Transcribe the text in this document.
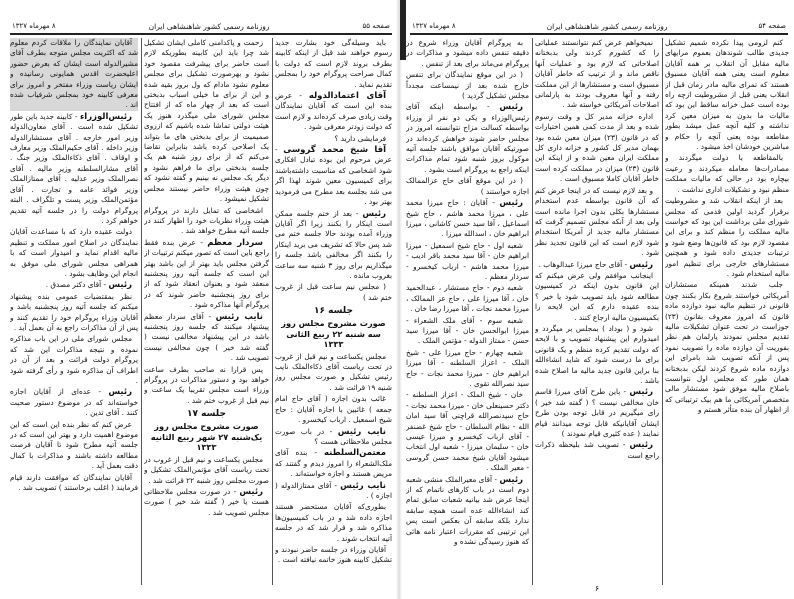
صفحه ۵۵
روزنامه رسمی کشور شاهنشاهی ایران
۸ مهرماه ۱۳۲۷

آقایان نمایندگان را ملاقات کردم معلوم شد که اکثریت مجلس متوجه بطرف آقای مشیرالدوله است ایشان که بعرض حضور اعلیحضرت اقدس همایونی رسانیده و ایشان ریاست وزراء مفتخر و امروز برای معرفی کابینه خود بمجلس شرفیاب شده اند .

رئیس‌الوزراء - کابینه جدید باین طور تشکیل شده است . آقای معاون‌الدوله وزیر امور خارجه . آقای مستشارالدوله وزیر داخله . آقای حکیم‌الملک وزیر معارف و اوقاف . آقای ذکاءالملک وزیر جنگ . آقای مشارالسلطنه وزیر مالیه . آقای نصرالملک وزیر عدلیه . آقای ممتازالملک وزیر فوائد عامه و تجارت . آقای مؤتمن‌الملک وزیر پست و تلگراف . البته پروگرام دولت را در جلسه آتیه تقدیم خواهم کرد .

دولت عقیده دارد که با مساعدت آقایان نمایندگان در اصلاح امور مملکت و تنظیم مالیه اقدام نماید و امیدوار است که با همراهی مجلس شورای ملی موفق به انجام این وظایف بشود .

رئیس - آقای دکتر مصدق .

نظر بمقتضیات عمومی بنده پیشنهاد میکنم که جلسه آتیه روز پنجشنبه باشد و آقایان وزراء پروگرام خود را تقدیم کنند و پس از آن مذاکرات راجع به آن بعمل آید .

مجلس شورای ملی در این باب مذاکره نموده و نتیجه مذاکرات این شد که پروگرام دولت قرائت و بعد از آن در اطراف آن مذاکره شود و رأی گرفته شود .

رئیس - عده‌ای از آقایان اجازه خواسته‌اند که در موضوع دستور صحبت کنند . آقای تدین .

عرض کنم که نظر بنده این است که این موضوع اهمیت دارد و بهتر این است که در جلسه آتیه مطرح شود تا آقایان فرصت مطالعه داشته باشند و مذاکرات با کمال دقت بعمل آید .

آقایان نمایندگان که موافقت دارند قیام فرمایند ( اغلب برخاستند ) تصویب شد .

زحمت و پاکدامنی کاملی ایشان تشکیل شد چرا باید این کابینه بطوریکه لازم است حاضر برای پیشرفت مقصود خود نشود و بهرصورت تشکیل برای مجلس معلوم نشود مادام که ول بروز بقیه شده و این از برای ما خیلی اسباب بدبختی است که بعد از چهار ماه که از افتتاح مجلس شورای ملی میگذرد هنوز یک هیئت دولتی تماشا شده باشیم که ازروی صمیمیت از برای بدبختی های ما بتواند یک اصلاحی کرده باشد بنابراین تقاضا می‌کنم که از برای روز شنبه هم یک جلسه بدبختی برای ما فراهم نشود و دیگر یک مجلس نه بینیم و گفته نشود که چون هیئت وزراء حاضر نیستند مجلس تشکیل نمیشود .

اشخاصی که تمایل دارند در پروگرام هیئت وزراء نظریات خود را اظهار کنند در جلسه آتیه مطرح خواهد شد .

سردار معظم - عرض بنده فقط راجع باین است که تصور میکنم ترتیبات از گرفتن مجلس باید بهتر از این باشد بهتر این است که جلسه آتیه روز پنجشنبه منعقد شود و بعنوان انعقاد شود که از برای روز پنجشنبه حاضر شوند که در پروگرام آنها مذاکره شود .

نایب رئیس - آقای سردار معظم پیشنهاد میکنند که جلسه روز پنجشنبه باشد در این پیشنهاد مخالفی نیست ( گفته شد خیر ) چون مخالفی نیست تصویب شد .

پس قرارا نه صاحب بطرف ساعت خواهد بود و دستور مذاکرات در پروگرام وزراء است مجلس تقریبا یک ساعت و نیم قبل از غروب ختم شد .

جلسه ۱۷
صورت مشروح مجلس روز یک‌شنبه ۲۷ شهر ربیع الثانیه ۱۳۳۳

مجلس یکساعت و نیم قبل از غروب در تحت ریاست آقای مؤتمن‌الملک تشکیل و صورت مجلس روز شنبه ۲۲ قرائت شد .

رئیس - در صورت مجلس ملاحظاتی هست یا خیر ( گفته شد خیر ) صورت مجلس تصویب شد .

باید وسیله‌گی خود بشارت جدید رسوم خواهند شد قبل از اینکه کابینه بطرف بروند لازم است که دولت با کمال صراحت پروگرام خود را بمجلس تقدیم نماید .

آقای اعتمادالدوله - عرض بنده این است که آقایان نمایندگان وقت زیادی صرف کرده‌اند و لازم است که دولت زودتر معرفی شود .

فرمایشی دارید ؟

آقا شیخ محمد گروسی - عرض مرحوم این بوده تبادل افکاری شود اشخاصی که مناسبت داشته‌باشند برای کمیسیون معین شوند لهذا اگر می شد بجلسه بعد مطرح می فرمودید بهتر بود .

رئیس - بعد از ختم جلسه ممکن است اینکار را بکنند زیرا اگر آقایان وزراء آمده بودند حالا جلسه ختم می شد پس حالا که تشریف می برید اینکار را بکنند اگر مخالفی باشد جلسه را میگذاریم برای روز ۳ شنبه سه ساعت بغروب مانده .

( مجلس نیم ساعت قبل از غروب ختم شد )

جلسه ۱۶
صورت مشروح مجلس روز سه شنبه ۲۲ ربیع الثانی ۱۳۳۳

مجلس یکساعت و نیم قبل از غروب در تحت ریاست آقای ذکاءالملک نایب رئیس تشکیل و صورت مجلس روز شنبه ۱۹ قرائت شد .

غائب بدون اجازه ( آقای حاج امام جمعه ) غائبین با اجازه آقایان : حاج شیخ اسمعیل . ارباب کیخسرو .

نایب رئیس - در باب صورت مجلس ملاحظاتی هست ؟

معتمن‌السلطنه - بنده آقای ملک‌الشعراء را امروز دیدم و گفتند که مریض هستند و اجازه خواسته‌اند .

نایب رئیس - آقای ممتاز‌الدوله ( اجازه ) .

بطوری‌که آقایان مستحضر هستند اجازه داده شد و در باب کمیسیون‌ها مذاکره شد و قرار شد که در جلسه آتیه انتخاب شوند .

آقایان وزراء در جلسه حاضر نبودند و تشکیل کابینه هنوز خاتمه نیافته است .

صفحه ۵۴
روزنامه رسمی کشور شاهنشاهی ایران
۸ مهرماه ۱۳۲۷

به پروگرام آقایان وزراء شروع در دقیقه تنفس داده میشود و مذاکرات در پروگرام می‌ماند برای بعد از تنفس .

( در این موقع نمایندگان برای تنفس خارج شده بعد از نیمساعت مجدداً مجلس تشکیل گردید )

رئیس - بواسطه اینکه آقای رئیس‌الوزراء و یکی دو نفر از وزراء بواسطه کسالت مزاج نتوانسته امروز در مجلس حاضر شوند خواهش کرده‌اند در صورتیکه آقایان موافق باشند جلسه آتیه موکول بروز شنبه شود تمام مذاکرات اینکه راجع به پروگرام است بشود .

( در این موقع آقای حاج عزالممالک اجازه خواستند )

رئیس - آقایان : حاج میرزا محمد علی ، میرزا محمد هاشم ، حاج شیخ اسماعیل ، آقا سید حسن کاشانی ، میرزا ابراهیم خان ، اسدالله میرزا .

شعبه اول - حاج شیخ اسمعیل - میرزا ابراهیم خان - آقا سید محمد باقر ادیب - میرزا محمد هاشم - ارباب کیخسرو - سردار معظم .

شعبه دوم - حاج مستشار ، عبدالحمید خان ، آقا میرزا علی ، حاج عز الممالک ، میرزا محمد نجات ، آقا میرزا رضا خان .

شعبه سوم - آقای ملک الشعراء - میرزا ابوالحسن خان - آقا میرزا سید حسن - ممتاز الدوله - مؤتمن الملک .

شعبه چهارم - حاج میرزا علی - شیخ الملک - اعزاز السلطنه - آقا میرزا ابراهیم خان - میرزا محمد نجات - حاج سید نصرالله تقوی .

خان - شیخ الملک - اعزاز السلطنه - دکتر حسینعلی خان - میرزا محمد نجات - حاج سیدنصرالله قراچنی آقا سید امان الله - نظام السلطان - حاج شیخ غضنفر - آقای ارباب کیخسرو و میرزا عیسی خان - سلیمان میرزا - شعبه اول انتخاب میشود آقایان شیخ محمد حسن گروسی - معیر الملک .

رئیس - آقای معیرالملک منشی شعبه دوم است در باب کارهای ناتمام که از اینجا عرض شد بیانیه شعبات سابق تمام کند انشاءالله عده است همچه سابقه ندارد بلکه سابقه آن بعکس است پس این ترتیبی که مقررات اعتبار نامه هائی که هنوز رسیدگی نشده و

نمیخواهم عرض کنم نتوانستند عملیاتی را که کشورم کردند ولی بدبختانه اصلاحاتی که لازم بود و عملیات آنها ناقص ماند و از ترتیب که خاطر آقایان مسبوق است و مستشارها از این مملکت رفته و آنها معروف بودند به پارلمانی اصلاحات آمریکائی خواسته شد .

اداره خزانه مدیر کل و وقت رسوم شده و بعد از مدت کمی همین اختیارات که در قانون (۲۳) میزان معین شده بود بهمان مدیر کل کشور و خزانه داری کل مملکت ایران معین شده و از اینکه این قانون (۲۳) میزان در مملکت کرده است خاطر آقایان کاملا مسبوق است .

و بعد لازم نیست که در اینجا عرض کنم که آن قانون بواسطه عدم استخدام مستشارها بکلی بدون اجرا مانده است ولی بعد از آنکه مجلس تصمیم گرفت که مستشار مالیه جدید از آمریکا استخدام شود لازم است که این قانون تجدید نظر شود .

رئیس - آقای حاج میرزا عبدالوهاب .

اینجانب موافقم ولی عرض میکنم که این قانون بدون اینکه در کمیسیون مطالعه شود باید تصویب شود یا خیر ؟ بنده عقیده دارم که این لایحه را بکمیسیون مالیه ارجاع کنند .

شود و ( بوداد ) بمجلس بر میگردد و امیدوارم این پیشنهاد تصویب و با لایحه که دولت تقدیم کرده منظم و یک قانونی برای ما درست شود که شاید انشاءالله بنا براین قانون جدید مالیه ما اصلاح شده باشد .

رئیس - باین طرح آقای میرزا قاسم خان مخالفی نیست ؟ ( گفته شد خیر ) رای میگیریم در قابل توجه بودن طرح ایشان آقایانیکه قابل توجه میدانند قیام نمایند ( عده کثیری قیام نمودند )

رئیس - تصویب شد بلیحظه ذکرات راجع است

کنم لزومی پیدا نکرده شمیم تشکیل جدیدی طالب شوندهان بعموم مرایهای مالیه مقابل آن انقلاب بر همه آقایان معلوم است یعنی همه آقایان مسبوق هستند که تمرای مالیه مادر زمان قبل از انقلاب یعنی قبل از مشروطیت ازچه راه بوده است عمل خزانه ساقط این بود که مالیات ما بدون به میزان معین کرد نداشته و کلیه آنچه عمل میشد بطور مقاطعه بوده یعنی آنچه را حکام و مباشرین خودشان اخذ میشود .

بالمقاطعه با دولت میگردند و مصادرات‌ها معامله میکردند و رعیت بیچاره بود در حالی که مالیات مملکت منظم نبود و تشکیلات اداری نداشت .

بعد از اینکه انقلاب شد و مشروطیت برقرار گردید اولین قدمی که مجلس شورای ملی برداشت این بود که خواست مالیه مملکت را منظم کند و برای این مقصود لازم بود که قانون‌ها وضع شود و ترتیبات جدیدی داده شود و همچنین مستشارهای خارجی برای تنظیم امور مالیه استخدام شود .

جلب شدند همینکه مستشاران آمریکائی خواستند شروع بکار بکنند چون قانونی در تنظیم مالیه نبود دوازده ماده قانون که امروز معروف بقانون (۲۳) جوزاست در تحت عنوان تشکیلات مالیه تقدیم مجلس نمودند پارلمان هم نظر بفوریت آن دوازده ماده را تصویب نمود پس از آنکه تصویب شد بامرای این دوازده ماده شروع کردند لیکن بدبختانه همان طور که مجلس اول نتوانست باصلاح مالیه موفق شود مستشار مالی متخصص آمریکائی ما هم بیک ترتیباتی که از اظهار آن بنده متأثر هستم و

۶
